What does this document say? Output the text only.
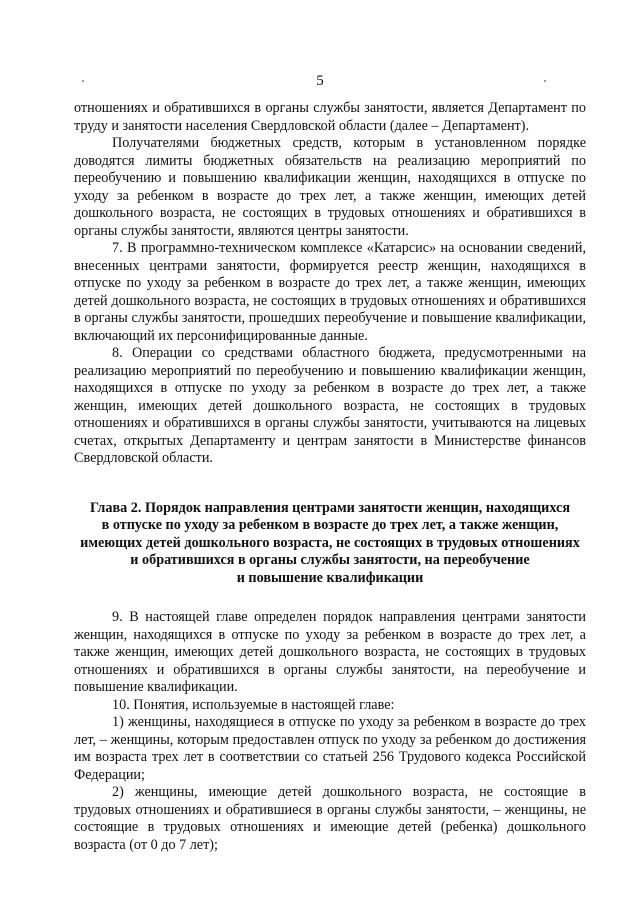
5

отношениях и обратившихся в органы службы занятости, является Департамент по труду и занятости населения Свердловской области (далее – Департамент).

Получателями бюджетных средств, которым в установленном порядке доводятся лимиты бюджетных обязательств на реализацию мероприятий по переобучению и повышению квалификации женщин, находящихся в отпуске по уходу за ребенком в возрасте до трех лет, а также женщин, имеющих детей дошкольного возраста, не состоящих в трудовых отношениях и обратившихся в органы службы занятости, являются центры занятости.

7. В программно-техническом комплексе «Катарсис» на основании сведений, внесенных центрами занятости, формируется реестр женщин, находящихся в отпуске по уходу за ребенком в возрасте до трех лет, а также женщин, имеющих детей дошкольного возраста, не состоящих в трудовых отношениях и обратившихся в органы службы занятости, прошедших переобучение и повышение квалификации, включающий их персонифицированные данные.

8. Операции со средствами областного бюджета, предусмотренными на реализацию мероприятий по переобучению и повышению квалификации женщин, находящихся в отпуске по уходу за ребенком в возрасте до трех лет, а также женщин, имеющих детей дошкольного возраста, не состоящих в трудовых отношениях и обратившихся в органы службы занятости, учитываются на лицевых счетах, открытых Департаменту и центрам занятости в Министерстве финансов Свердловской области.

Глава 2. Порядок направления центрами занятости женщин, находящихся
в отпуске по уходу за ребенком в возрасте до трех лет, а также женщин,
имеющих детей дошкольного возраста, не состоящих в трудовых отношениях
и обратившихся в органы службы занятости, на переобучение
и повышение квалификации

9. В настоящей главе определен порядок направления центрами занятости женщин, находящихся в отпуске по уходу за ребенком в возрасте до трех лет, а также женщин, имеющих детей дошкольного возраста, не состоящих в трудовых отношениях и обратившихся в органы службы занятости, на переобучение и повышение квалификации.

10. Понятия, используемые в настоящей главе:

1) женщины, находящиеся в отпуске по уходу за ребенком в возрасте до трех лет, – женщины, которым предоставлен отпуск по уходу за ребенком до достижения им возраста трех лет в соответствии со статьей 256 Трудового кодекса Российской Федерации;

2) женщины, имеющие детей дошкольного возраста, не состоящие в трудовых отношениях и обратившиеся в органы службы занятости, – женщины, не состоящие в трудовых отношениях и имеющие детей (ребенка) дошкольного возраста (от 0 до 7 лет);
